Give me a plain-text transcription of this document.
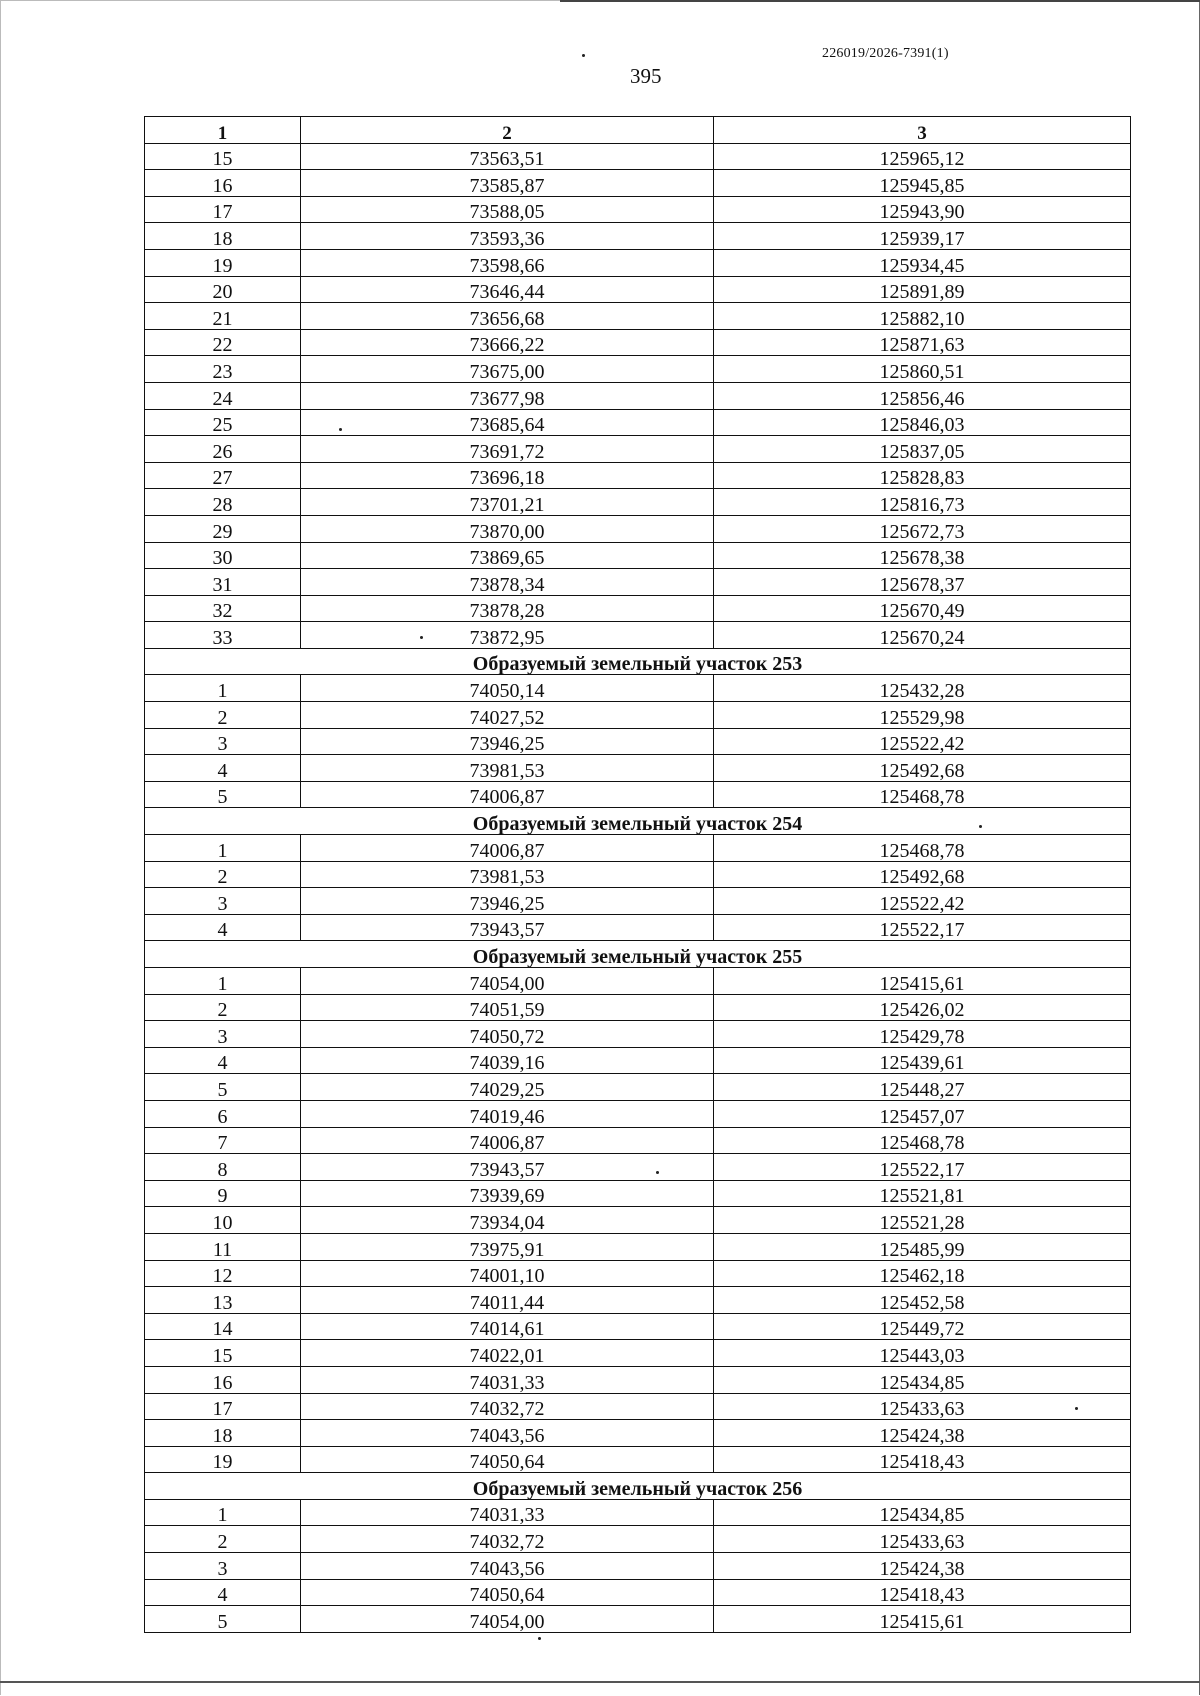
226019/2026-7391(1)
395
1	2	3
15	73563,51	125965,12
16	73585,87	125945,85
17	73588,05	125943,90
18	73593,36	125939,17
19	73598,66	125934,45
20	73646,44	125891,89
21	73656,68	125882,10
22	73666,22	125871,63
23	73675,00	125860,51
24	73677,98	125856,46
25	73685,64	125846,03
26	73691,72	125837,05
27	73696,18	125828,83
28	73701,21	125816,73
29	73870,00	125672,73
30	73869,65	125678,38
31	73878,34	125678,37
32	73878,28	125670,49
33	73872,95	125670,24
Образуемый земельный участок 253		
1	74050,14	125432,28
2	74027,52	125529,98
3	73946,25	125522,42
4	73981,53	125492,68
5	74006,87	125468,78
Образуемый земельный участок 254		
1	74006,87	125468,78
2	73981,53	125492,68
3	73946,25	125522,42
4	73943,57	125522,17
Образуемый земельный участок 255		
1	74054,00	125415,61
2	74051,59	125426,02
3	74050,72	125429,78
4	74039,16	125439,61
5	74029,25	125448,27
6	74019,46	125457,07
7	74006,87	125468,78
8	73943,57	125522,17
9	73939,69	125521,81
10	73934,04	125521,28
11	73975,91	125485,99
12	74001,10	125462,18
13	74011,44	125452,58
14	74014,61	125449,72
15	74022,01	125443,03
16	74031,33	125434,85
17	74032,72	125433,63
18	74043,56	125424,38
19	74050,64	125418,43
Образуемый земельный участок 256		
1	74031,33	125434,85
2	74032,72	125433,63
3	74043,56	125424,38
4	74050,64	125418,43
5	74054,00	125415,61
